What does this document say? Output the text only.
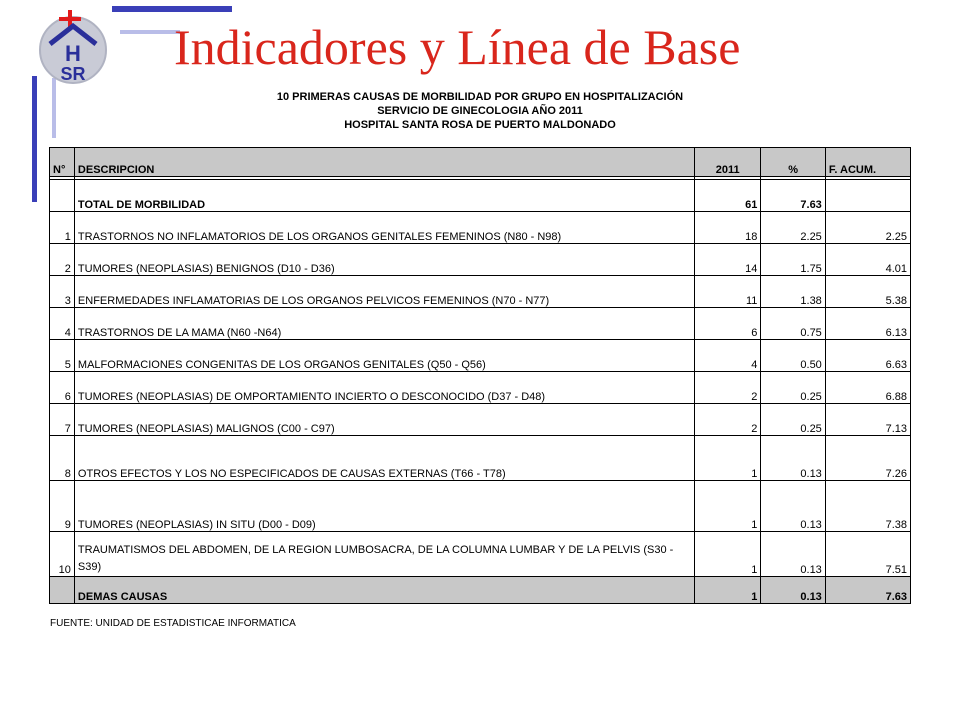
H
SR Indicadores y Línea de Base
10 PRIMERAS CAUSAS DE MORBILIDAD POR GRUPO EN HOSPITALIZACIÓN
SERVICIO DE GINECOLOGIA AÑO 2011
HOSPITAL SANTA ROSA DE PUERTO MALDONADO
N°	DESCRIPCION	2011	%	F. ACUM.

	TOTAL DE MORBILIDAD	61	7.63	
1	TRASTORNOS NO INFLAMATORIOS DE LOS ORGANOS GENITALES FEMENINOS (N80 - N98)	18	2.25	2.25
2	TUMORES (NEOPLASIAS) BENIGNOS (D10 - D36)	14	1.75	4.01
3	ENFERMEDADES INFLAMATORIAS DE LOS ORGANOS PELVICOS FEMENINOS (N70 - N77)	11	1.38	5.38
4	TRASTORNOS DE LA MAMA (N60 -N64)	6	0.75	6.13
5	MALFORMACIONES CONGENITAS DE LOS ORGANOS GENITALES (Q50 - Q56)	4	0.50	6.63
6	TUMORES (NEOPLASIAS) DE OMPORTAMIENTO INCIERTO O DESCONOCIDO (D37 - D48)	2	0.25	6.88
7	TUMORES (NEOPLASIAS) MALIGNOS (C00 - C97)	2	0.25	7.13
8	OTROS EFECTOS Y LOS NO ESPECIFICADOS DE CAUSAS EXTERNAS (T66 - T78)	1	0.13	7.26
9	TUMORES (NEOPLASIAS) IN SITU (D00 - D09)	1	0.13	7.38
10	TRAUMATISMOS DEL ABDOMEN, DE LA REGION LUMBOSACRA, DE LA COLUMNA LUMBAR Y DE LA PELVIS (S30 - S39)	1	0.13	7.51
	DEMAS CAUSAS	1	0.13	7.63
FUENTE: UNIDAD DE ESTADISTICAE INFORMATICA
